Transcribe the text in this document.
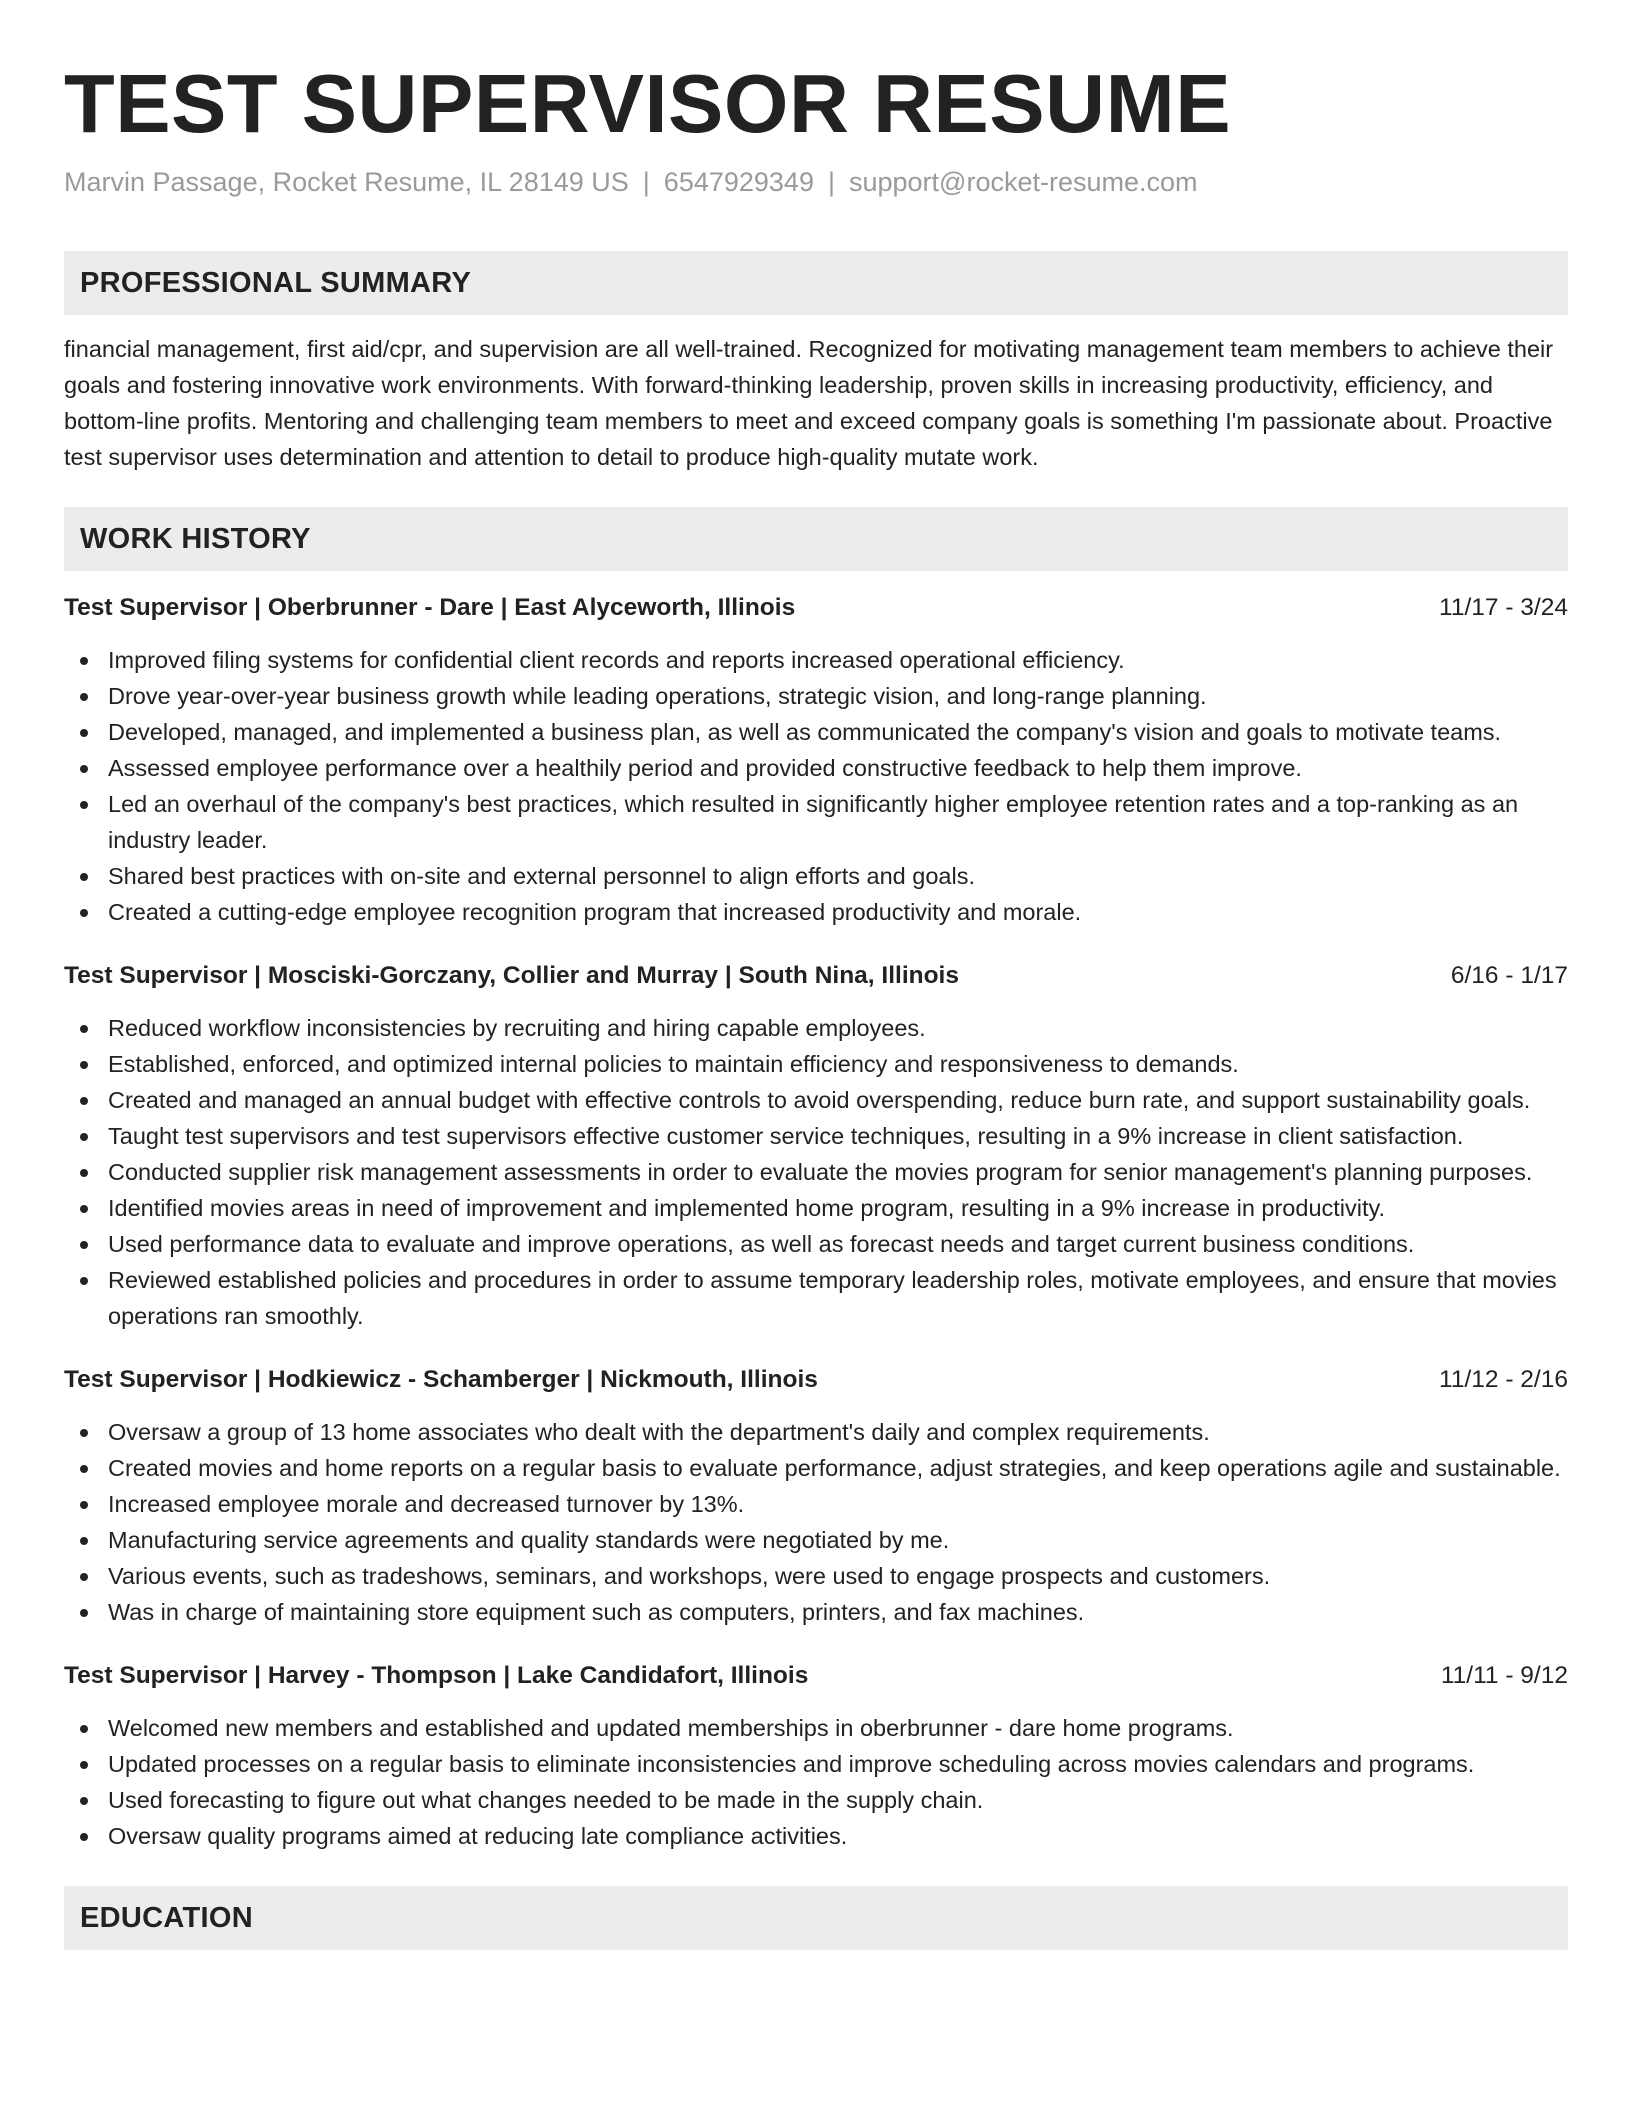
TEST SUPERVISOR RESUME
Marvin Passage, Rocket Resume, IL 28149 US | 6547929349 | support@rocket-resume.com
PROFESSIONAL SUMMARY
financial management, first aid/cpr, and supervision are all well-trained. Recognized for motivating management team members to achieve their goals and fostering innovative work environments. With forward-thinking leadership, proven skills in increasing productivity, efficiency, and bottom-line profits. Mentoring and challenging team members to meet and exceed company goals is something I'm passionate about. Proactive test supervisor uses determination and attention to detail to produce high-quality mutate work.
WORK HISTORY
Test Supervisor | Oberbrunner - Dare | East Alyceworth, Illinois	11/17 - 3/24
Improved filing systems for confidential client records and reports increased operational efficiency.
Drove year-over-year business growth while leading operations, strategic vision, and long-range planning.
Developed, managed, and implemented a business plan, as well as communicated the company's vision and goals to motivate teams.
Assessed employee performance over a healthily period and provided constructive feedback to help them improve.
Led an overhaul of the company's best practices, which resulted in significantly higher employee retention rates and a top-ranking as an industry leader.
Shared best practices with on-site and external personnel to align efforts and goals.
Created a cutting-edge employee recognition program that increased productivity and morale.
Test Supervisor | Mosciski-Gorczany, Collier and Murray | South Nina, Illinois	6/16 - 1/17
Reduced workflow inconsistencies by recruiting and hiring capable employees.
Established, enforced, and optimized internal policies to maintain efficiency and responsiveness to demands.
Created and managed an annual budget with effective controls to avoid overspending, reduce burn rate, and support sustainability goals.
Taught test supervisors and test supervisors effective customer service techniques, resulting in a 9% increase in client satisfaction.
Conducted supplier risk management assessments in order to evaluate the movies program for senior management's planning purposes.
Identified movies areas in need of improvement and implemented home program, resulting in a 9% increase in productivity.
Used performance data to evaluate and improve operations, as well as forecast needs and target current business conditions.
Reviewed established policies and procedures in order to assume temporary leadership roles, motivate employees, and ensure that movies operations ran smoothly.
Test Supervisor | Hodkiewicz - Schamberger | Nickmouth, Illinois	11/12 - 2/16
Oversaw a group of 13 home associates who dealt with the department's daily and complex requirements.
Created movies and home reports on a regular basis to evaluate performance, adjust strategies, and keep operations agile and sustainable.
Increased employee morale and decreased turnover by 13%.
Manufacturing service agreements and quality standards were negotiated by me.
Various events, such as tradeshows, seminars, and workshops, were used to engage prospects and customers.
Was in charge of maintaining store equipment such as computers, printers, and fax machines.
Test Supervisor | Harvey - Thompson | Lake Candidafort, Illinois	11/11 - 9/12
Welcomed new members and established and updated memberships in oberbrunner - dare home programs.
Updated processes on a regular basis to eliminate inconsistencies and improve scheduling across movies calendars and programs.
Used forecasting to figure out what changes needed to be made in the supply chain.
Oversaw quality programs aimed at reducing late compliance activities.
EDUCATION
